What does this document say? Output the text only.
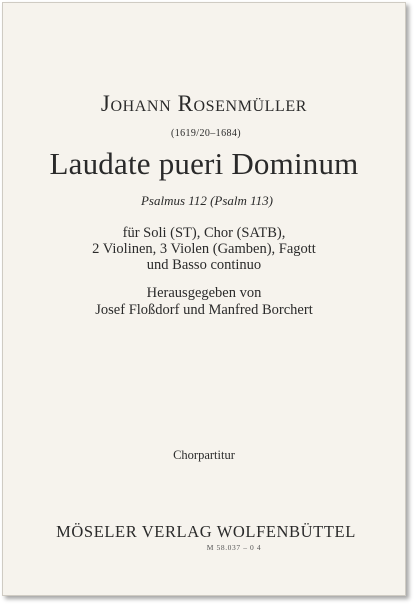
Johann Rosenmüller
(1619/20–1684)
Laudate pueri Dominum
Psalmus 112 (Psalm 113)
für Soli (ST), Chor (SATB),
2 Violinen, 3 Violen (Gamben), Fagott
und Basso continuo
Herausgegeben von
Josef Floßdorf und Manfred Borchert
Chorpartitur
MÖSELER VERLAG WOLFENBÜTTEL
M 58.037 – 0 4
